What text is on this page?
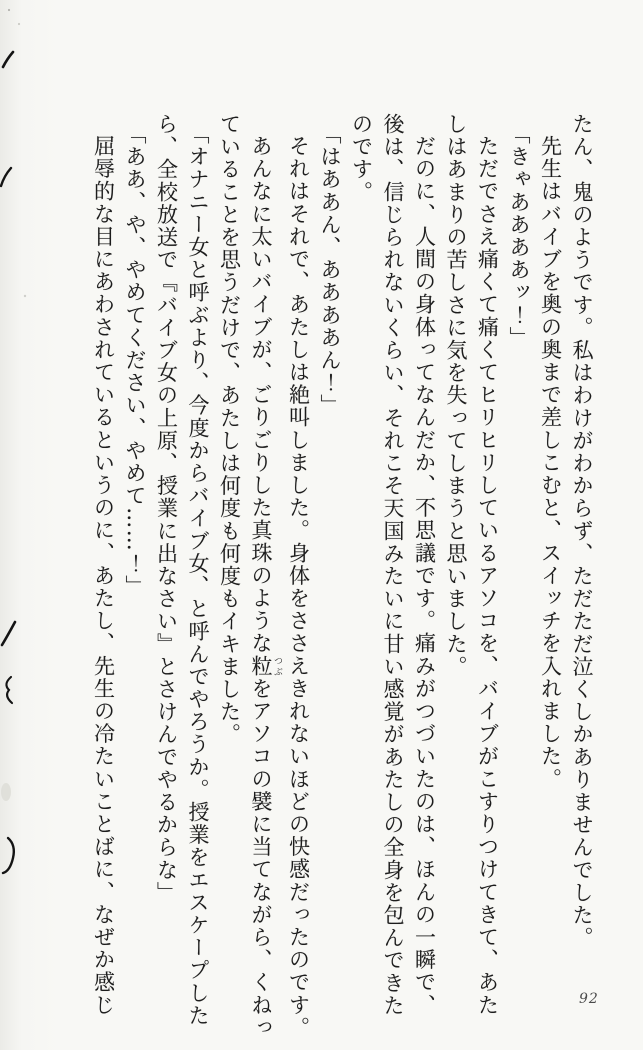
たん、鬼のようです。私はわけがわからず、ただただ泣くしかありませんでした。
先生はバイブを奥の奥まで差しこむと、スイッチを入れました。
「きゃああああッ！」
ただでさえ痛くて痛くてヒリヒリしているアソコを、バイブがこすりつけてきて、あた
しはあまりの苦しさに気を失ってしまうと思いました。
だのに、人間の身体ってなんだか、不思議です。痛みがつづいたのは、ほんの一瞬で、
後は、信じられないくらい、それこそ天国みたいに甘い感覚があたしの全身を包んできた
のです。
「はああん、ああああん！」
それはそれで、あたしは絶叫しました。身体をささえきれないほどの快感だったのです。
あんなに太いバイブが、ごりごりした真珠のような粒 つぶをアソコの襞に当てながら、くねっ
ていることを思うだけで、あたしは何度も何度もイキました。
「オナニー女と呼ぶより、今度からバイブ女、と呼んでやろうか。授業をエスケープした
ら、全校放送で『バイブ女の上原、授業に出なさい』とさけんでやるからな」
「ああ、や、やめてください、やめて……！」
屈辱的な目にあわされているというのに、あたし、先生の冷たいことばに、なぜか感じ	92
